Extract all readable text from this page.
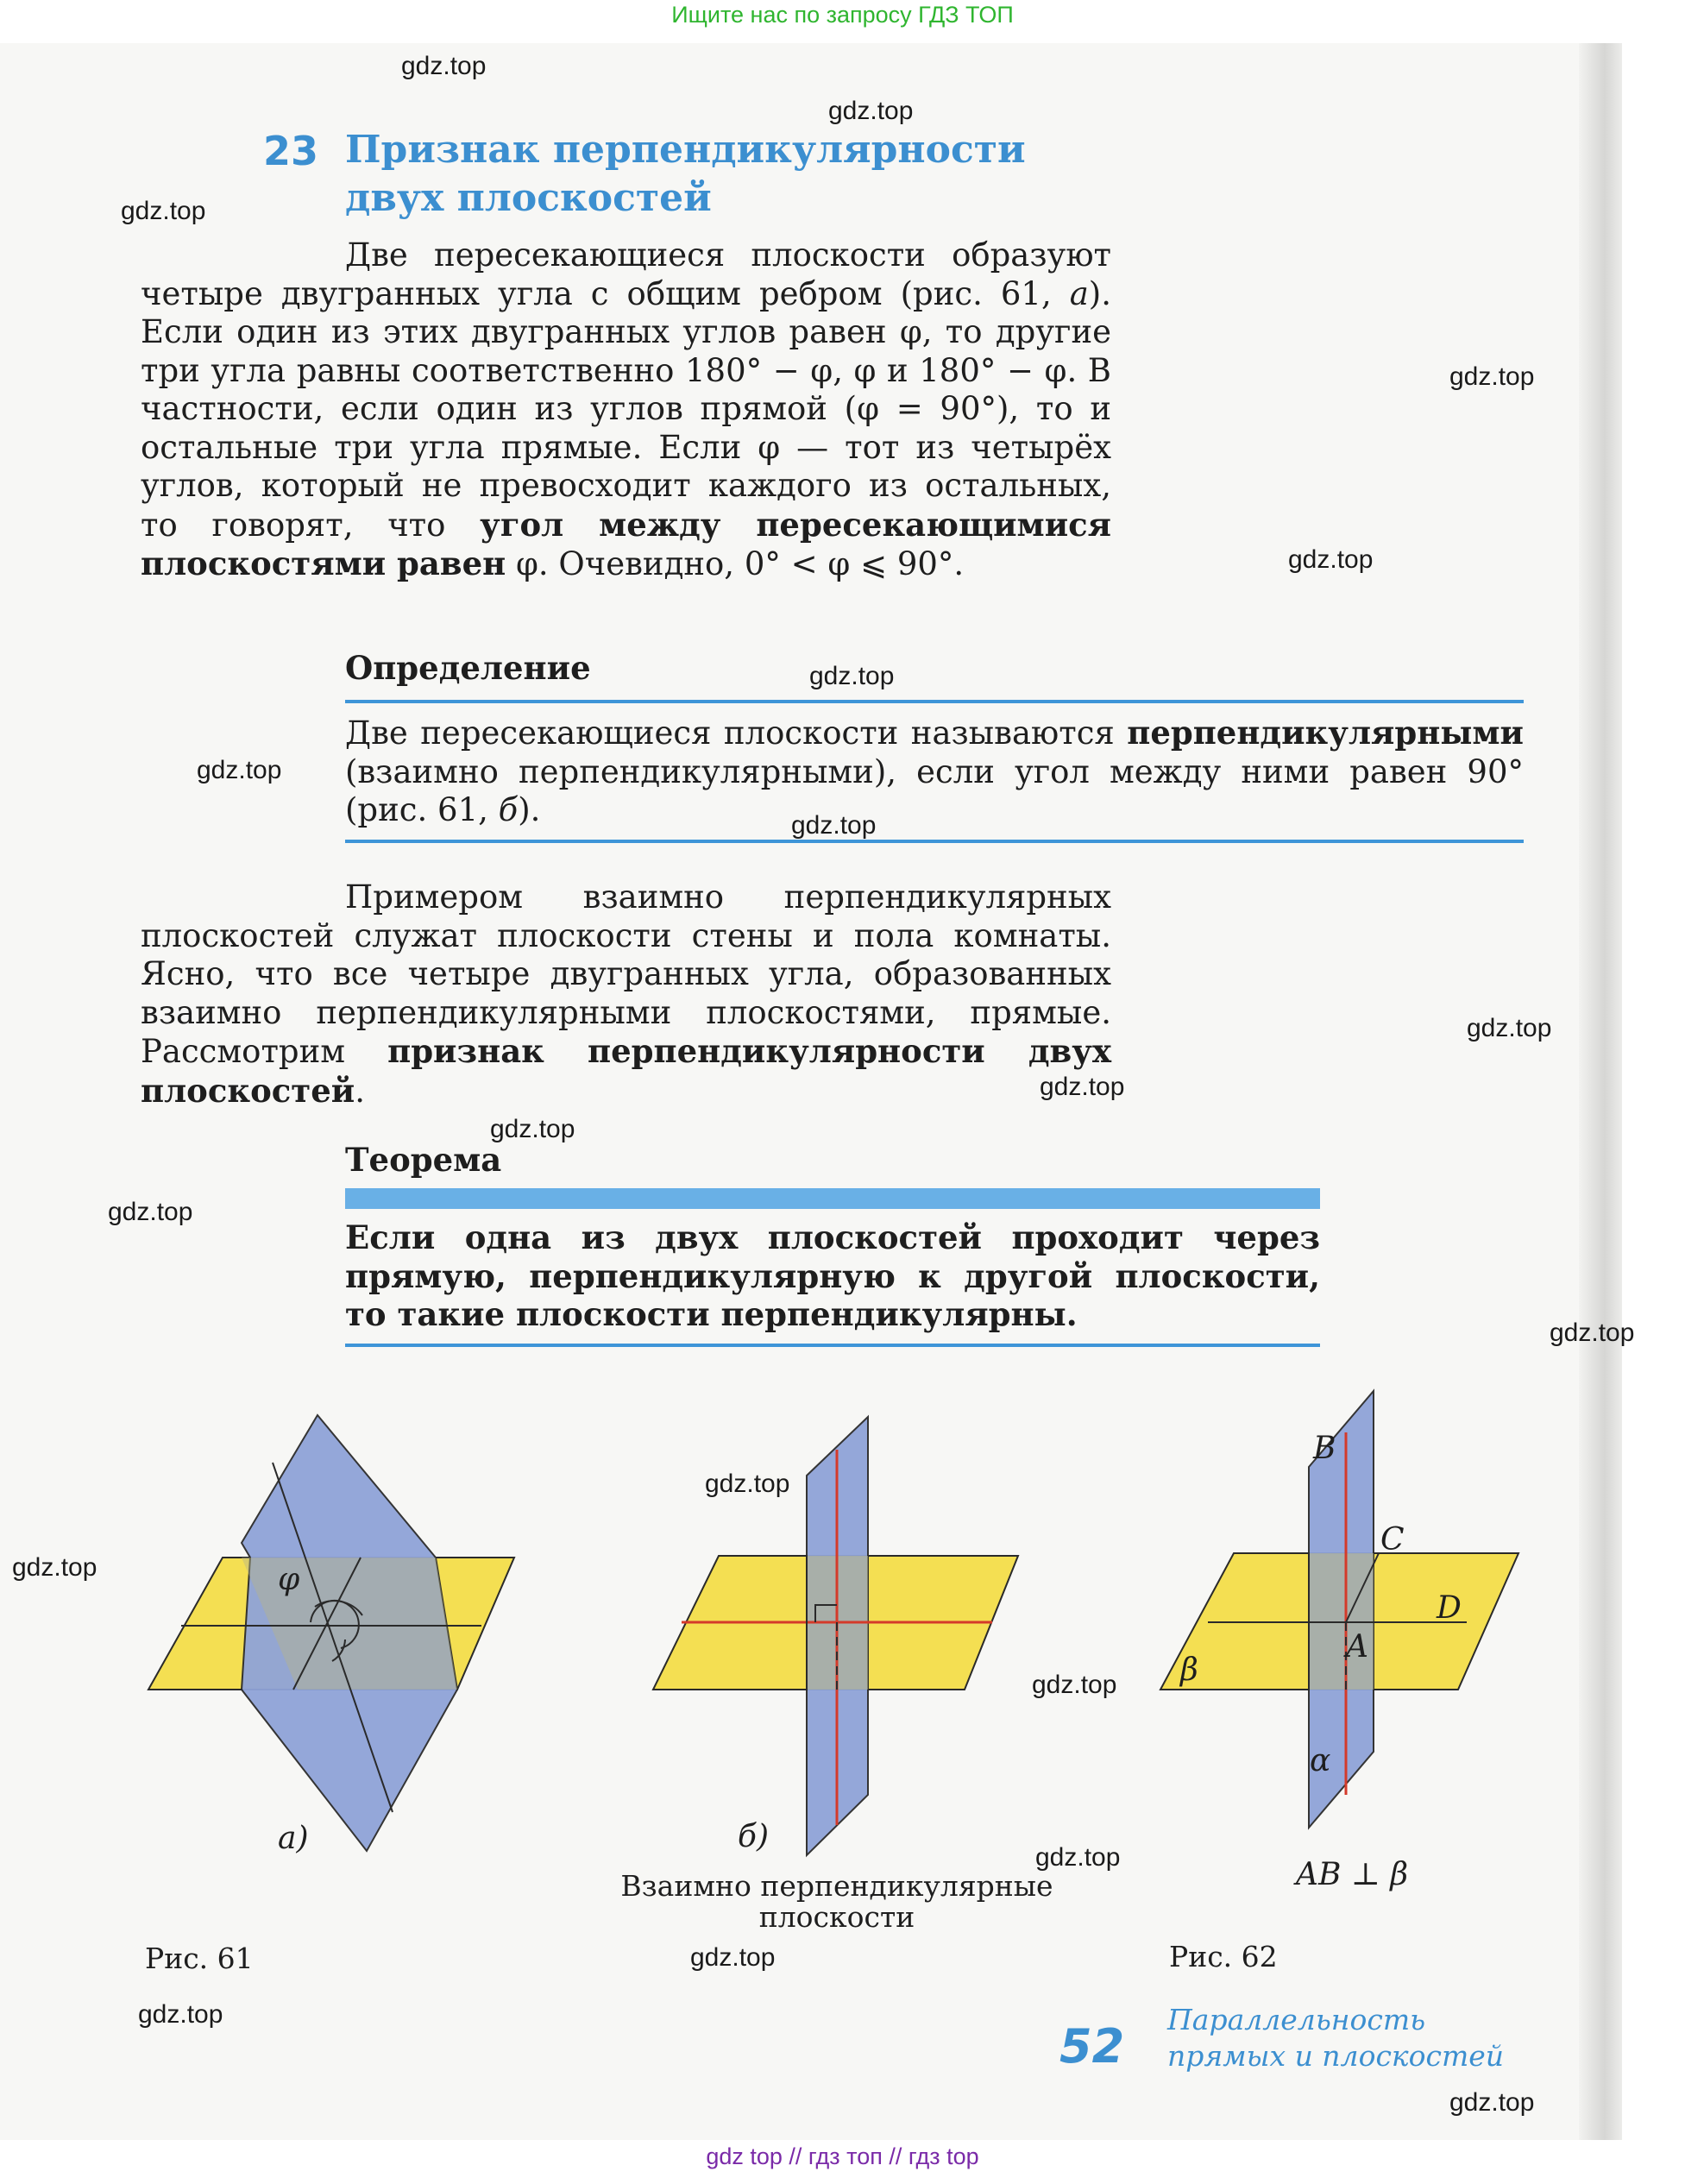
Ищите нас по запросу ГДЗ ТОП
gdz.top
gdz.top
gdz.top
gdz.top
gdz.top
gdz.top
gdz.top
gdz.top
gdz.top
gdz.top
gdz.top
gdz.top
gdz.top
gdz.top
gdz.top
gdz.top
gdz.top
gdz.top
gdz.top
gdz.top
23 Признак перпендикулярности
двух плоскостей
Две пересекающиеся плоскости образуют четыре двугранных угла с общим ребром (рис. 61, а). Если один из этих двугранных углов равен φ, то другие три угла равны соответственно 180° − φ, φ и 180° − φ. В частности, если один из углов прямой (φ = 90°), то и остальные три угла прямые. Если φ — тот из четырёх углов, который не превосходит каждого из остальных, то говорят, что угол между пересекающимися плоскостями равен φ. Очевидно, 0° < φ ⩽ 90°.
Определение
Две пересекающиеся плоскости называются перпендикулярными (взаимно перпендикулярными), если угол между ними равен 90° (рис. 61, б).
Примером взаимно перпендикулярных плоскостей служат плоскости стены и пола комнаты. Ясно, что все четыре двугранных угла, образованных взаимно перпендикулярными плоскостями, прямые. Рассмотрим признак перпендикулярности двух плоскостей.
Теорема
Если одна из двух плоскостей проходит через прямую, перпендикулярную к другой плоскости, то такие плоскости перпендикулярны.
φ
а)	б)
B
C
D
A
β
α
AB ⊥ β
Взаимно перпендикулярные
плоскости
Рис. 61	Рис. 62
52 Параллельность
прямых и плоскостей
gdz top // гдз топ // гдз top
